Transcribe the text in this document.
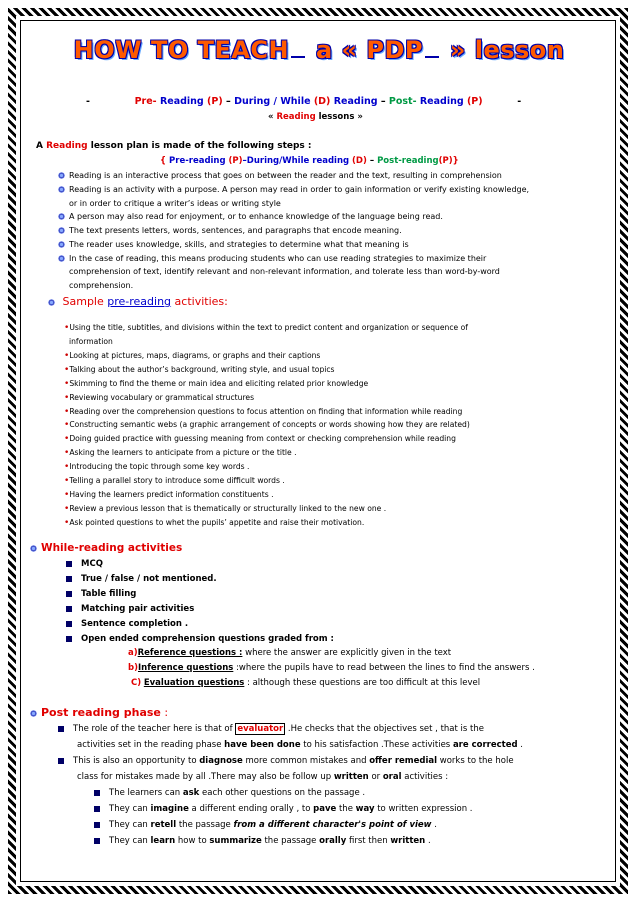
HOW TO TEACH a « PDP » lesson
-	Pre- Reading (P) – During / While (D) Reading – Post- Reading (P)	-
« Reading lessons »
A Reading lesson plan is made of the following steps :
{ Pre-reading (P)–During/While reading (D) – Post-reading(P)}
Reading is an interactive process that goes on between the reader and the text, resulting in comprehension
Reading is an activity with a purpose. A person may read in order to gain information or verify existing knowledge,
or in order to critique a writer’s ideas or writing style
A person may also read for enjoyment, or to enhance knowledge of the language being read.
The text presents letters, words, sentences, and paragraphs that encode meaning.
The reader uses knowledge, skills, and strategies to determine what that meaning is
In the case of reading, this means producing students who can use reading strategies to maximize their
comprehension of text, identify relevant and non-relevant information, and tolerate less than word-by-word
comprehension.
Sample pre-reading activities:
•Using the title, subtitles, and divisions within the text to predict content and organization or sequence of
information
•Looking at pictures, maps, diagrams, or graphs and their captions
•Talking about the author’s background, writing style, and usual topics
•Skimming to find the theme or main idea and eliciting related prior knowledge
•Reviewing vocabulary or grammatical structures
•Reading over the comprehension questions to focus attention on finding that information while reading
•Constructing semantic webs (a graphic arrangement of concepts or words showing how they are related)
•Doing guided practice with guessing meaning from context or checking comprehension while reading
•Asking the learners to anticipate from a picture or the title .
•Introducing the topic through some key words .
•Telling a parallel story to introduce some difficult words .
•Having the learners predict information constituents .
•Review a previous lesson that is thematically or structurally linked to the new one .
•Ask pointed questions to whet the pupils’ appetite and raise their motivation.
While-reading activities
MCQ
True / false / not mentioned.
Table filling
Matching pair activities
Sentence completion .
Open ended comprehension questions graded from :
a)Reference questions : where the answer are explicitly given in the text
b)Inference questions :where the pupils have to read between the lines to find the answers .
C) Evaluation questions : although these questions are too difficult at this level
Post reading phase :
The role of the teacher here is that of evaluator .He checks that the objectives set , that is the
activities set in the reading phase have been done to his satisfaction .These activities are corrected .
This is also an opportunity to diagnose more common mistakes and offer remedial works to the hole
class for mistakes made by all .There may also be follow up written or oral activities :
The learners can ask each other questions on the passage .
They can imagine a different ending orally , to pave the way to written expression .
They can retell the passage from a different character's point of view .
They can learn how to summarize the passage orally first then written .
